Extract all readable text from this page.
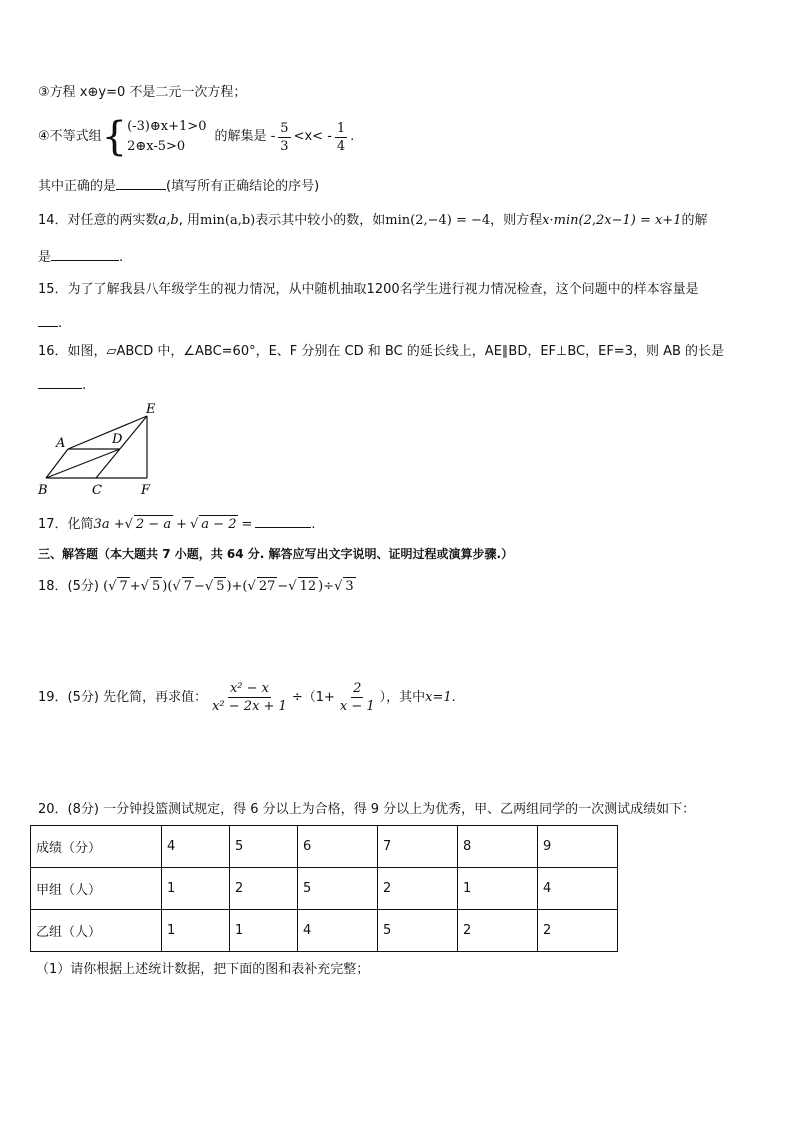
③方程 x⊕y=0 不是二元一次方程；
④不等式组 { (-3)⊕x+1>0
2⊕x-5>0
的解集是 - $\frac{5}{3} <x< - \frac{1}{4}$ .
其中正确的是	(填写所有正确结论的序号)
14．对任意的两实数a,b, 用min(a,b)表示其中较小的数，如min(2,−4) = −4，则方程x·min(2,2x−1) = x+1的解
是	.
15．为了了解我县八年级学生的视力情况，从中随机抽取1200名学生进行视力情况检查，这个问题中的样本容量是
.
16．如图，▱ABCD 中，∠ABC=60°，E、F 分别在 CD 和 BC 的延长线上，AE∥BD，EF⊥BC，EF=3，则 AB 的长是
.
A
B	C
D
E
F
17．化简3a +√ 2 − a + √ a − 2 =	.
三、解答题（本大题共 7 小题，共 64 分. 解答应写出文字说明、证明过程或演算步骤.）
18．(5分) (√ 7 +√ 5 )(√ 7 −√ 5 )+(√ 27 −√ 12 )÷√ 3
19．(5分) 先化简，再求值： $\frac{\text{x² − x}}{\text{x² − 2x + 1}} \div(1+ \frac{2}{x - 1}$ ），其中 x=1.
20．(8分) 一分钟投篮测试规定，得 6 分以上为合格，得 9 分以上为优秀，甲、乙两组同学的一次测试成绩如下：
成绩（分）	4	5	6	7	8	9
甲组（人）	1	2	5	2	1	4
乙组（人）	1	1	4	5	2	2
（1）请你根据上述统计数据，把下面的图和表补充完整；
